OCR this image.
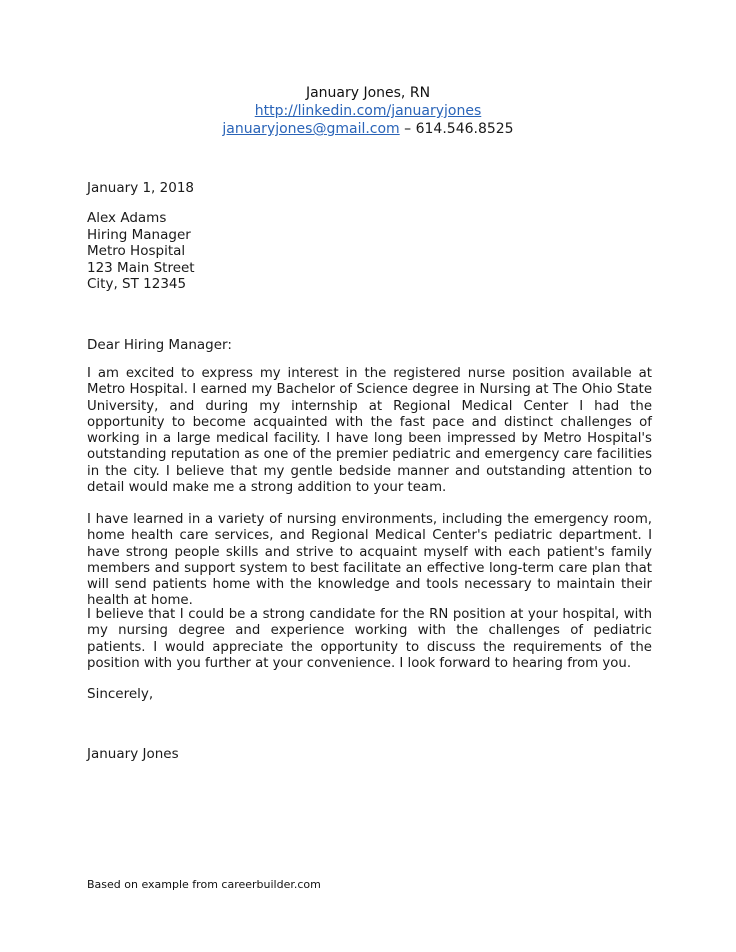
January Jones, RN
http://linkedin.com/januaryjones
januaryjones@gmail.com – 614.546.8525
January 1, 2018
Alex Adams
Hiring Manager
Metro Hospital
123 Main Street
City, ST 12345
Dear Hiring Manager:
I am excited to express my interest in the registered nurse position available at Metro Hospital. I earned my Bachelor of Science degree in Nursing at The Ohio State University, and during my internship at Regional Medical Center I had the opportunity to become acquainted with the fast pace and distinct challenges of working in a large medical facility. I have long been impressed by Metro Hospital's outstanding reputation as one of the premier pediatric and emergency care facilities in the city. I believe that my gentle bedside manner and outstanding attention to detail would make me a strong addition to your team.
I have learned in a variety of nursing environments, including the emergency room, home health care services, and Regional Medical Center's pediatric department. I have strong people skills and strive to acquaint myself with each patient's family members and support system to best facilitate an effective long-term care plan that will send patients home with the knowledge and tools necessary to maintain their health at home.
I believe that I could be a strong candidate for the RN position at your hospital, with my nursing degree and experience working with the challenges of pediatric patients. I would appreciate the opportunity to discuss the requirements of the position with you further at your convenience. I look forward to hearing from you.
Sincerely,
January Jones
Based on example from careerbuilder.com
